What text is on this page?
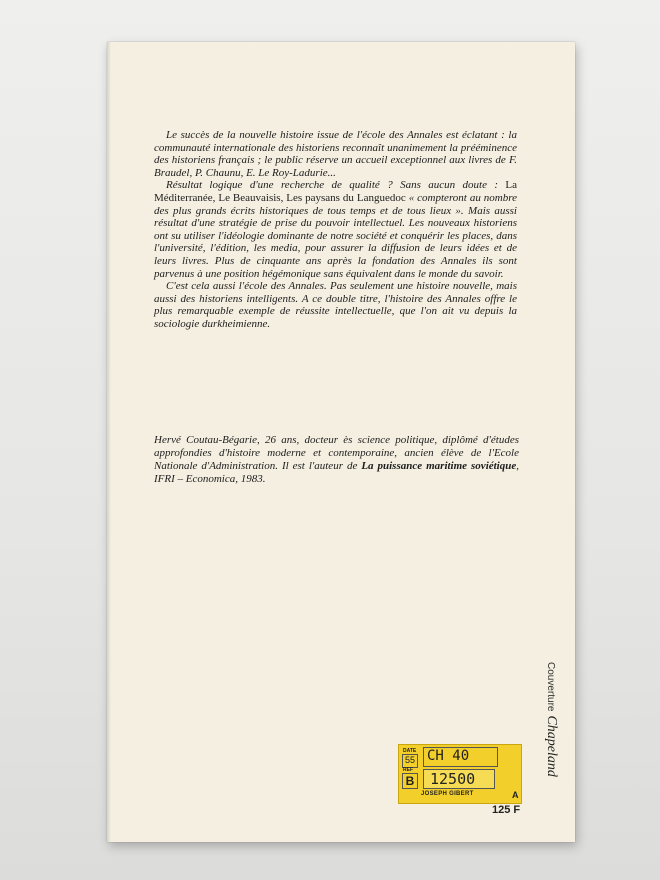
Le succès de la nouvelle histoire issue de l'école des Annales est éclatant : la communauté internationale des historiens reconnaît unanimement la prééminence des historiens français ; le public réserve un accueil exceptionnel aux livres de F. Braudel, P. Chaunu, E. Le Roy-Ladurie...

Résultat logique d'une recherche de qualité ? Sans aucun doute : La Méditerranée, Le Beauvaisis, Les paysans du Languedoc « compteront au nombre des plus grands écrits historiques de tous temps et de tous lieux ». Mais aussi résultat d'une stratégie de prise du pouvoir intellectuel. Les nouveaux historiens ont su utiliser l'idéologie dominante de notre société et conquérir les places, dans l'université, l'édition, les media, pour assurer la diffusion de leurs idées et de leurs livres. Plus de cinquante ans après la fondation des Annales ils sont parvenus à une position hégémonique sans équivalent dans le monde du savoir.

C'est cela aussi l'école des Annales. Pas seulement une histoire nouvelle, mais aussi des historiens intelligents. A ce double titre, l'histoire des Annales offre le plus remarquable exemple de réussite intellectuelle, que l'on ait vu depuis la sociologie durkheimienne.

Hervé Coutau-Bégarie, 26 ans, docteur ès science politique, diplômé d'études approfondies d'histoire moderne et contemporaine, ancien élève de l'Ecole Nationale d'Administration. Il est l'auteur de La puissance maritime soviétique, IFRI – Economica, 1983.

CouvertureChapeland
DATE
55
REF
B
CH 40
12500
JOSEPH GIBERT	A
125 F
